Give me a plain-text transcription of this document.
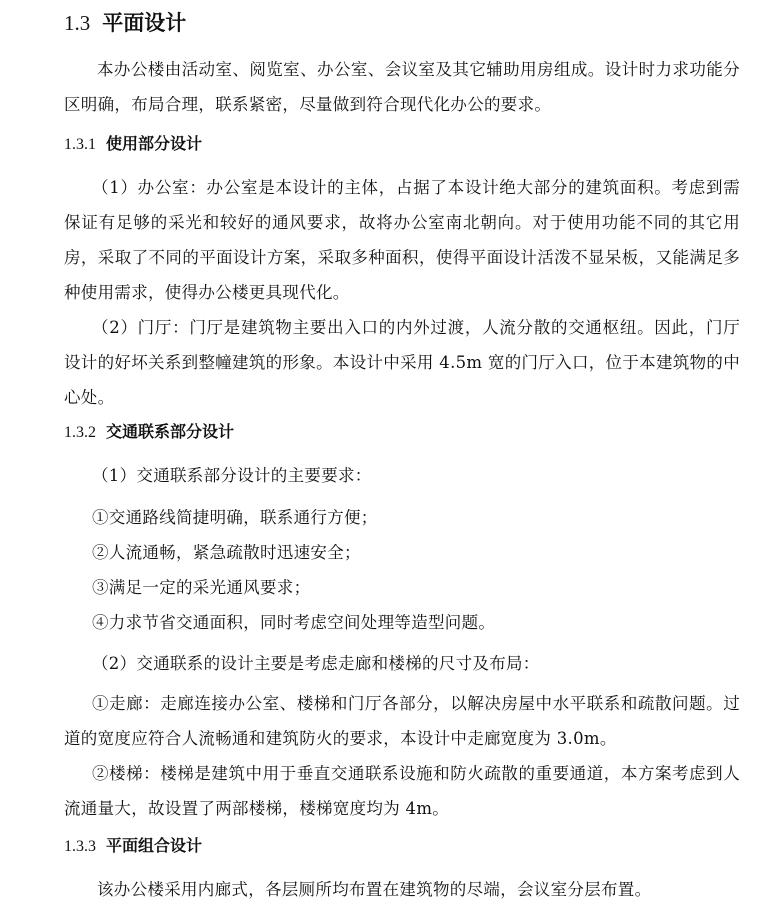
1.3 平面设计

本办公楼由活动室、阅览室、办公室、会议室及其它辅助用房组成。设计时力求功能分区明确，布局合理，联系紧密，尽量做到符合现代化办公的要求。

1.3.1 使用部分设计

（1）办公室：办公室是本设计的主体，占据了本设计绝大部分的建筑面积。考虑到需保证有足够的采光和较好的通风要求，故将办公室南北朝向。对于使用功能不同的其它用房，采取了不同的平面设计方案，采取多种面积，使得平面设计活泼不显呆板，又能满足多种使用需求，使得办公楼更具现代化。

（2）门厅：门厅是建筑物主要出入口的内外过渡，人流分散的交通枢纽。因此，门厅设计的好坏关系到整幢建筑的形象。本设计中采用 4.5m 宽的门厅入口，位于本建筑物的中心处。

1.3.2 交通联系部分设计
（1）交通联系部分设计的主要要求：
①交通路线简捷明确，联系通行方便；
②人流通畅，紧急疏散时迅速安全；
③满足一定的采光通风要求；
④力求节省交通面积，同时考虑空间处理等造型问题。
（2）交通联系的设计主要是考虑走廊和楼梯的尺寸及布局：

①走廊：走廊连接办公室、楼梯和门厅各部分，以解决房屋中水平联系和疏散问题。过道的宽度应符合人流畅通和建筑防火的要求，本设计中走廊宽度为 3.0m。

②楼梯：楼梯是建筑中用于垂直交通联系设施和防火疏散的重要通道，本方案考虑到人流通量大，故设置了两部楼梯，楼梯宽度均为 4m。

1.3.3 平面组合设计

该办公楼采用内廊式，各层厕所均布置在建筑物的尽端，会议室分层布置。
